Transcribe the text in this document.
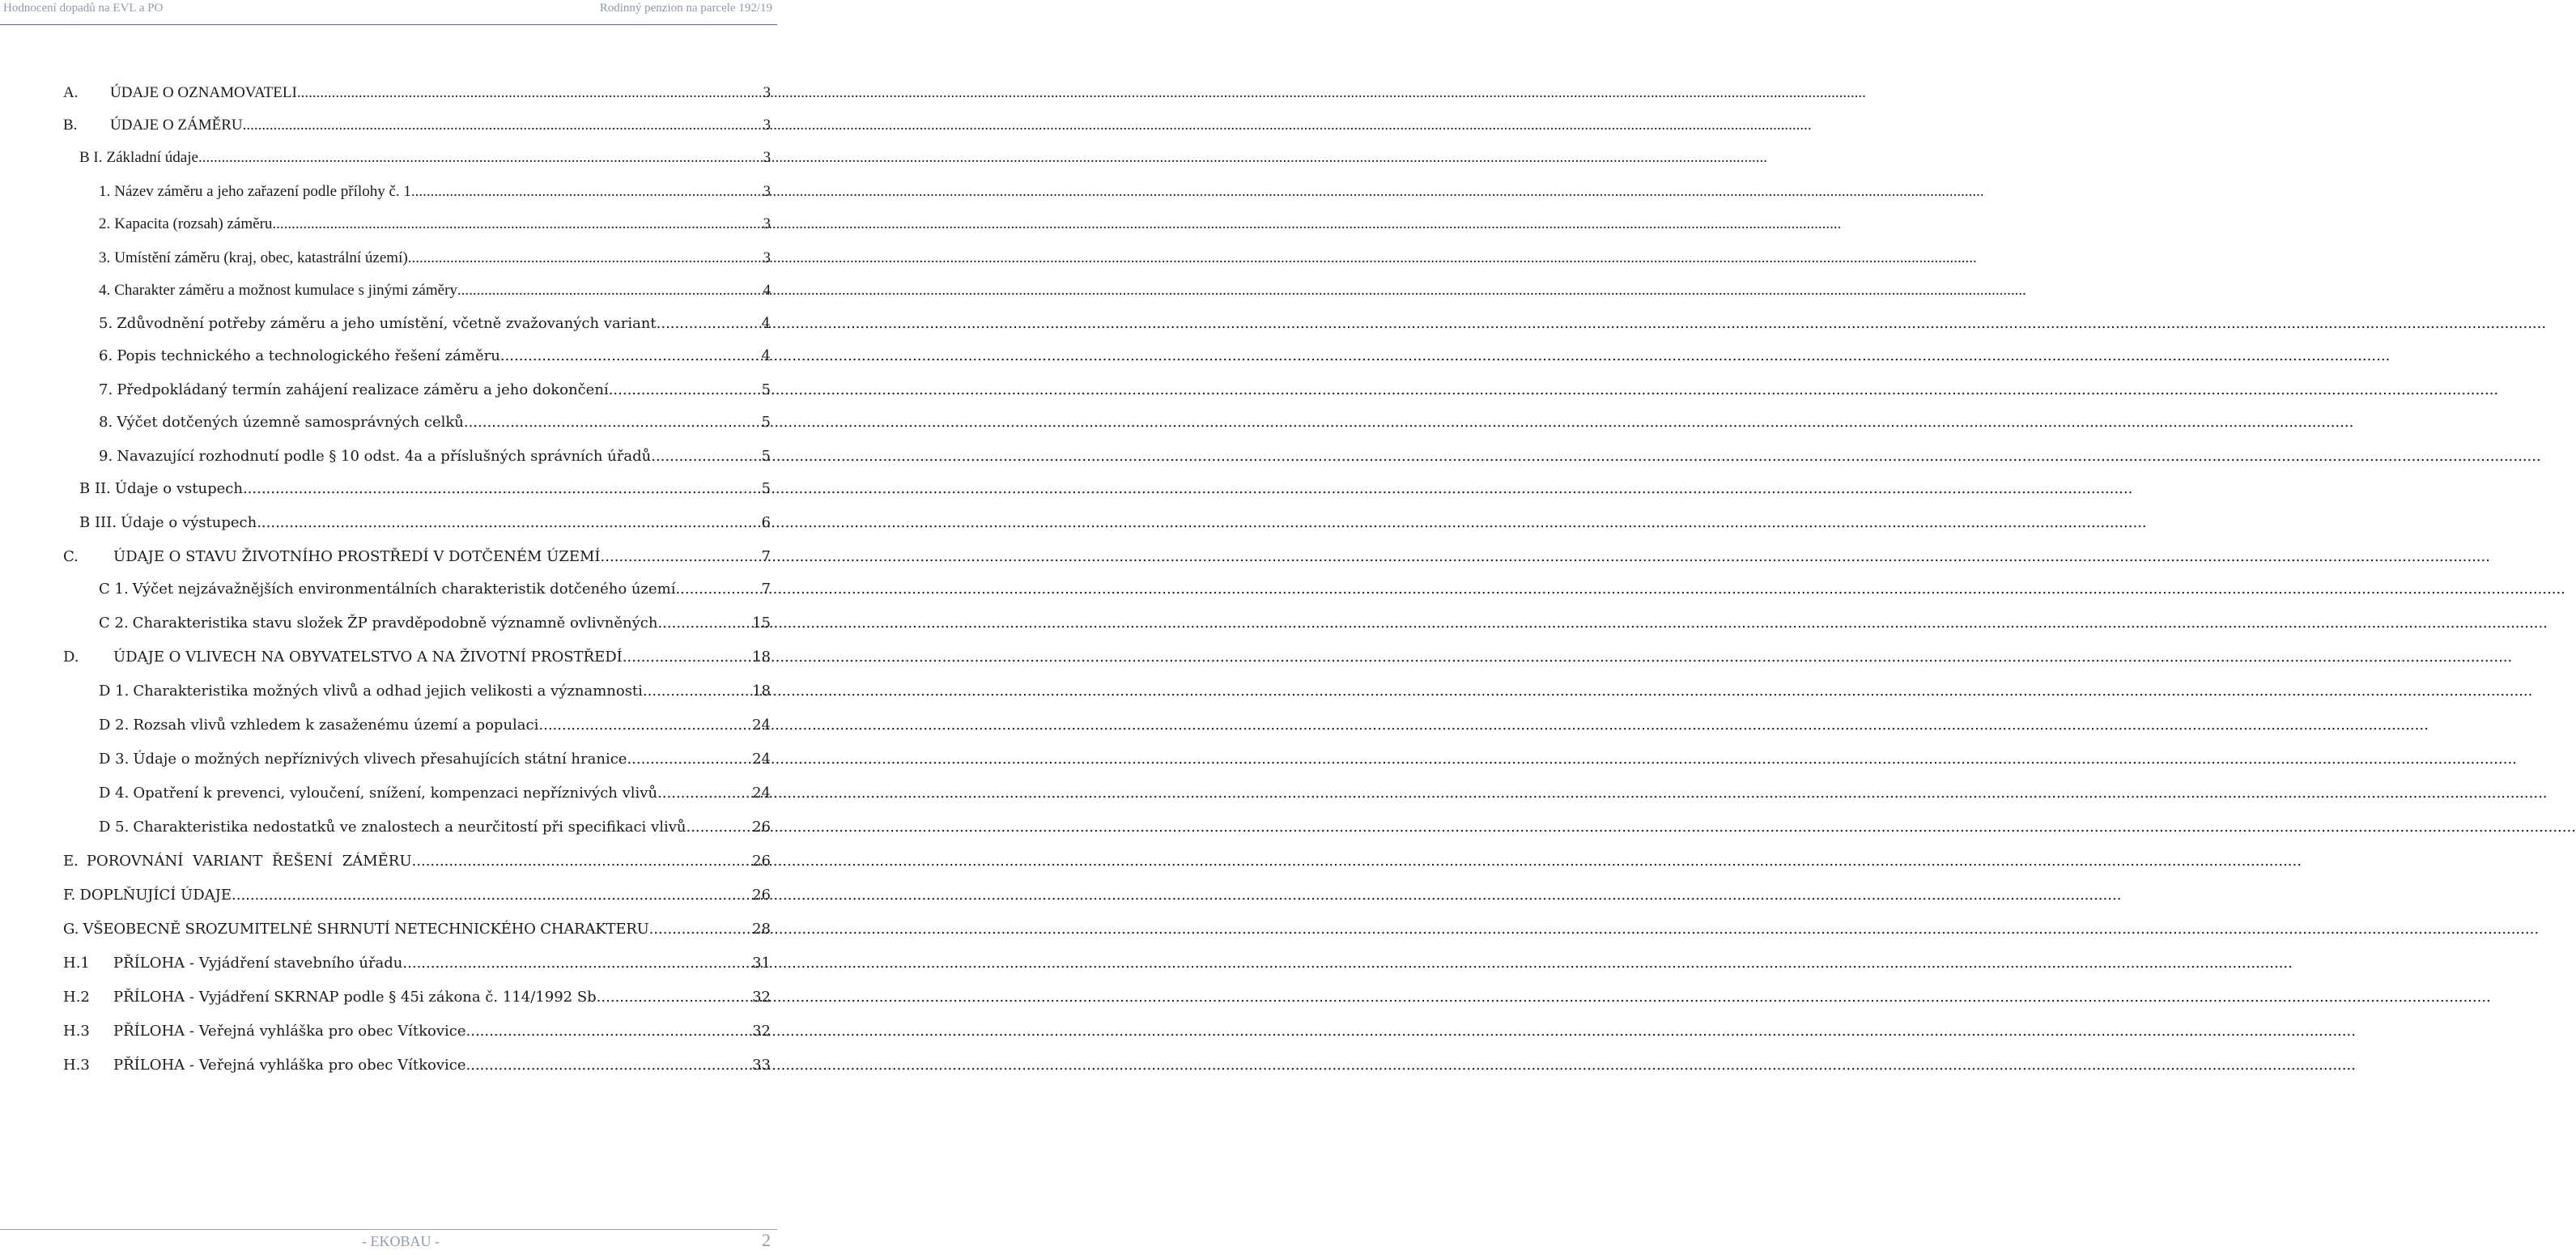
Hodnocení dopadů na EVL a PO	Rodinný penzion na parcele 192/19
A.	ÚDAJE O OZNAMOVATELI .....	3
B.	ÚDAJE O ZÁMĚRU .....	3
B I. Základní údaje .....	3
1. Název záměru a jeho zařazení podle přílohy č. 1. .....	3
2. Kapacita (rozsah) záměru .....	3
3. Umístění záměru (kraj, obec, katastrální území) .....	3
4. Charakter záměru a možnost kumulace s jinými záměry .....	4
5. Zdůvodnění potřeby záměru a jeho umístění, včetně zvažovaných variant .....	4
6. Popis technického a technologického řešení záměru .....	4
7. Předpokládaný termín zahájení realizace záměru a jeho dokončení .....	5
8. Výčet dotčených územně samosprávných celků .....	5
9. Navazující rozhodnutí podle § 10 odst. 4a a příslušných správních úřadů .....	5
B II. Údaje o vstupech .....	5
B III. Údaje o výstupech .....	6
C.	ÚDAJE O STAVU ŽIVOTNÍHO PROSTŘEDÍ V DOTČENÉM ÚZEMÍ .....	7
C 1. Výčet nejzávažnějších environmentálních charakteristik dotčeného území .....	7
C 2. Charakteristika stavu složek ŽP pravděpodobně významně ovlivněných .....	15
D.	ÚDAJE O VLIVECH NA OBYVATELSTVO A NA ŽIVOTNÍ PROSTŘEDÍ .....	18
D 1. Charakteristika možných vlivů a odhad jejich velikosti a významnosti .....	18
D 2. Rozsah vlivů vzhledem k zasaženému území a populaci .....	24
D 3. Údaje o možných nepříznivých vlivech přesahujících státní hranice .....	24
D 4. Opatření k prevenci, vyloučení, snížení, kompenzaci nepříznivých vlivů .....	24
D 5. Charakteristika nedostatků ve znalostech a neurčitostí při specifikaci vlivů .....	26
E. POROVNÁNÍ VARIANT ŘEŠENÍ ZÁMĚRU .....	26
F. DOPLŇUJÍCÍ ÚDAJE .....	26
G. VŠEOBECNĚ SROZUMITELNÉ SHRNUTÍ NETECHNICKÉHO CHARAKTERU .....	28
H.1	PŘÍLOHA - Vyjádření stavebního úřadu .....	31
H.2	PŘÍLOHA - Vyjádření SKRNAP podle § 45i zákona č. 114/1992 Sb. .....	32
H.3	PŘÍLOHA - Veřejná vyhláška pro obec Vítkovice .....	32
H.3	PŘÍLOHA - Veřejná vyhláška pro obec Vítkovice .....	33
- EKOBAU -	2
